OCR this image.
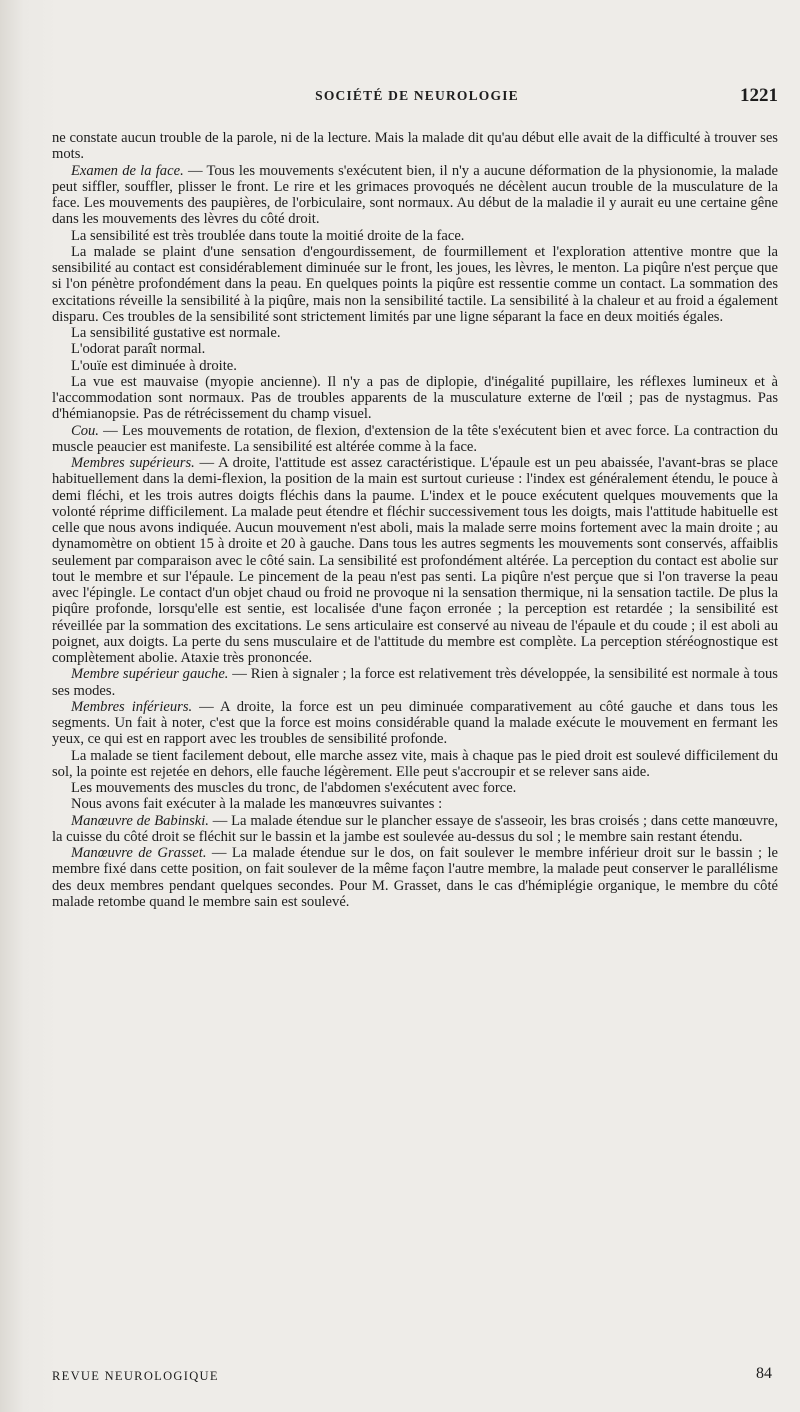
SOCIÉTÉ DE NEUROLOGIE	1221

ne constate aucun trouble de la parole, ni de la lecture. Mais la malade dit qu'au début elle avait de la difficulté à trouver ses mots.

Examen de la face. — Tous les mouvements s'exécutent bien, il n'y a aucune déformation de la physionomie, la malade peut siffler, souffler, plisser le front. Le rire et les grimaces provoqués ne décèlent aucun trouble de la musculature de la face. Les mouvements des paupières, de l'orbiculaire, sont normaux. Au début de la maladie il y aurait eu une certaine gêne dans les mouvements des lèvres du côté droit.

La sensibilité est très troublée dans toute la moitié droite de la face.

La malade se plaint d'une sensation d'engourdissement, de fourmillement et l'exploration attentive montre que la sensibilité au contact est considérablement diminuée sur le front, les joues, les lèvres, le menton. La piqûre n'est perçue que si l'on pénètre profondément dans la peau. En quelques points la piqûre est ressentie comme un contact. La sommation des excitations réveille la sensibilité à la piqûre, mais non la sensibilité tactile. La sensibilité à la chaleur et au froid a également disparu. Ces troubles de la sensibilité sont strictement limités par une ligne séparant la face en deux moitiés égales.

La sensibilité gustative est normale.

L'odorat paraît normal.

L'ouïe est diminuée à droite.

La vue est mauvaise (myopie ancienne). Il n'y a pas de diplopie, d'inégalité pupillaire, les réflexes lumineux et à l'accommodation sont normaux. Pas de troubles apparents de la musculature externe de l'œil ; pas de nystagmus. Pas d'hémianopsie. Pas de rétrécissement du champ visuel.

Cou. — Les mouvements de rotation, de flexion, d'extension de la tête s'exécutent bien et avec force. La contraction du muscle peaucier est manifeste. La sensibilité est altérée comme à la face.

Membres supérieurs. — A droite, l'attitude est assez caractéristique. L'épaule est un peu abaissée, l'avant-bras se place habituellement dans la demi-flexion, la position de la main est surtout curieuse : l'index est généralement étendu, le pouce à demi fléchi, et les trois autres doigts fléchis dans la paume. L'index et le pouce exécutent quelques mouvements que la volonté réprime difficilement. La malade peut étendre et fléchir successivement tous les doigts, mais l'attitude habituelle est celle que nous avons indiquée. Aucun mouvement n'est aboli, mais la malade serre moins fortement avec la main droite ; au dynamomètre on obtient 15 à droite et 20 à gauche. Dans tous les autres segments les mouvements sont conservés, affaiblis seulement par comparaison avec le côté sain. La sensibilité est profondément altérée. La perception du contact est abolie sur tout le membre et sur l'épaule. Le pincement de la peau n'est pas senti. La piqûre n'est perçue que si l'on traverse la peau avec l'épingle. Le contact d'un objet chaud ou froid ne provoque ni la sensation thermique, ni la sensation tactile. De plus la piqûre profonde, lorsqu'elle est sentie, est localisée d'une façon erronée ; la perception est retardée ; la sensibilité est réveillée par la sommation des excitations. Le sens articulaire est conservé au niveau de l'épaule et du coude ; il est aboli au poignet, aux doigts. La perte du sens musculaire et de l'attitude du membre est complète. La perception stéréognostique est complètement abolie. Ataxie très prononcée.

Membre supérieur gauche. — Rien à signaler ; la force est relativement très développée, la sensibilité est normale à tous ses modes.

Membres inférieurs. — A droite, la force est un peu diminuée comparativement au côté gauche et dans tous les segments. Un fait à noter, c'est que la force est moins considérable quand la malade exécute le mouvement en fermant les yeux, ce qui est en rapport avec les troubles de sensibilité profonde.

La malade se tient facilement debout, elle marche assez vite, mais à chaque pas le pied droit est soulevé difficilement du sol, la pointe est rejetée en dehors, elle fauche légèrement. Elle peut s'accroupir et se relever sans aide.

Les mouvements des muscles du tronc, de l'abdomen s'exécutent avec force.

Nous avons fait exécuter à la malade les manœuvres suivantes :

Manœuvre de Babinski. — La malade étendue sur le plancher essaye de s'asseoir, les bras croisés ; dans cette manœuvre, la cuisse du côté droit se fléchit sur le bassin et la jambe est soulevée au-dessus du sol ; le membre sain restant étendu.

Manœuvre de Grasset. — La malade étendue sur le dos, on fait soulever le membre inférieur droit sur le bassin ; le membre fixé dans cette position, on fait soulever de la même façon l'autre membre, la malade peut conserver le parallélisme des deux membres pendant quelques secondes. Pour M. Grasset, dans le cas d'hémiplégie organique, le membre du côté malade retombe quand le membre sain est soulevé.

REVUE NEUROLOGIQUE	84
